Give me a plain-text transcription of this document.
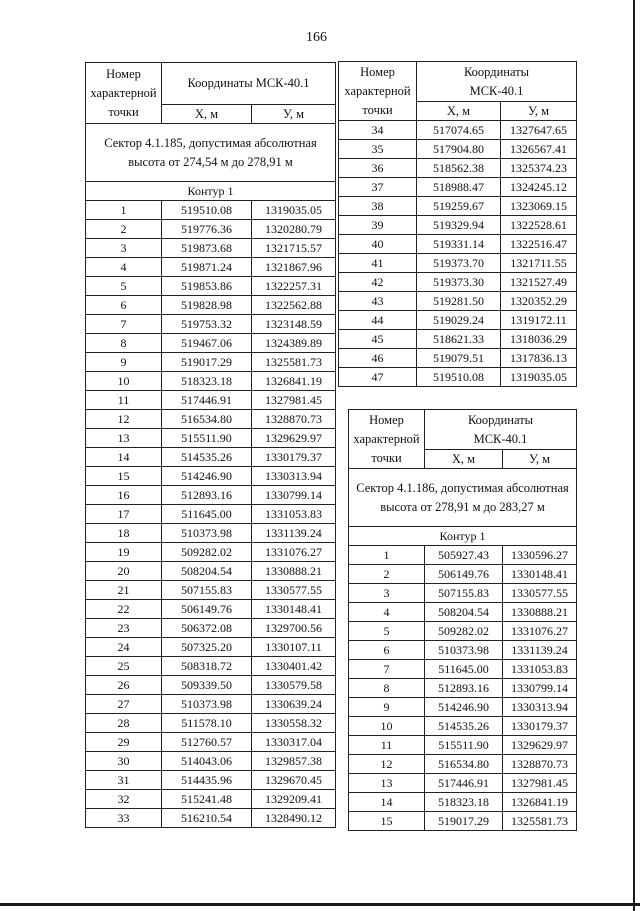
166
Номер характерной точки	Координаты МСК-40.1	
	X, м	У, м
Сектор 4.1.185, допустимая абсолютная высота от 274,54 м до 278,91 м		
Контур 1		
1	519510.08	1319035.05
2	519776.36	1320280.79
3	519873.68	1321715.57
4	519871.24	1321867.96
5	519853.86	1322257.31
6	519828.98	1322562.88
7	519753.32	1323148.59
8	519467.06	1324389.89
9	519017.29	1325581.73
10	518323.18	1326841.19
11	517446.91	1327981.45
12	516534.80	1328870.73
13	515511.90	1329629.97
14	514535.26	1330179.37
15	514246.90	1330313.94
16	512893.16	1330799.14
17	511645.00	1331053.83
18	510373.98	1331139.24
19	509282.02	1331076.27
20	508204.54	1330888.21
21	507155.83	1330577.55
22	506149.76	1330148.41
23	506372.08	1329700.56
24	507325.20	1330107.11
25	508318.72	1330401.42
26	509339.50	1330579.58
27	510373.98	1330639.24
28	511578.10	1330558.32
29	512760.57	1330317.04
30	514043.06	1329857.38
31	514435.96	1329670.45
32	515241.48	1329209.41
33	516210.54	1328490.12
Номер характерной точки	Координаты МСК-40.1	
	X, м	У, м
34	517074.65	1327647.65
35	517904.80	1326567.41
36	518562.38	1325374.23
37	518988.47	1324245.12
38	519259.67	1323069.15
39	519329.94	1322528.61
40	519331.14	1322516.47
41	519373.70	1321711.55
42	519373.30	1321527.49
43	519281.50	1320352.29
44	519029.24	1319172.11
45	518621.33	1318036.29
46	519079.51	1317836.13
47	519510.08	1319035.05
Номер характерной точки	Координаты МСК-40.1	
	X, м	У, м
Сектор 4.1.186, допустимая абсолютная высота от 278,91 м до 283,27 м		
Контур 1		
1	505927.43	1330596.27
2	506149.76	1330148.41
3	507155.83	1330577.55
4	508204.54	1330888.21
5	509282.02	1331076.27
6	510373.98	1331139.24
7	511645.00	1331053.83
8	512893.16	1330799.14
9	514246.90	1330313.94
10	514535.26	1330179.37
11	515511.90	1329629.97
12	516534.80	1328870.73
13	517446.91	1327981.45
14	518323.18	1326841.19
15	519017.29	1325581.73
